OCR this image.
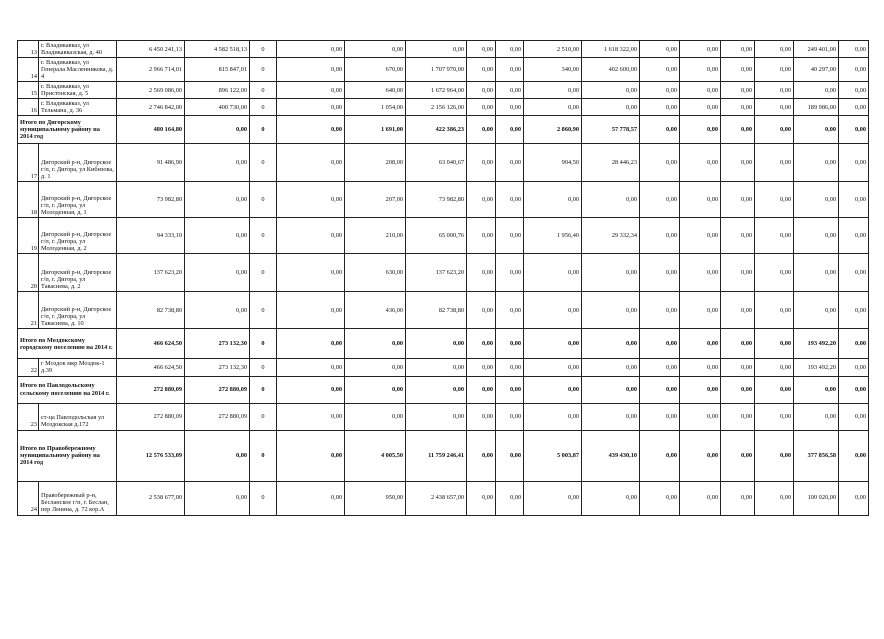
13	г. Владикавказ, ул Владикавказская, д. 40	6 450 241,13	4 582 518,13	0	0,00	0,00	0,00	0,00	0,00	2 510,00	1 618 322,00	0,00	0,00	0,00	0,00	249 401,00	0,00
14	г. Владикавказ, ул Генерала Масленникова, д. 4	2 966 714,01	815 847,01	0	0,00	670,00	1 707 970,00	0,00	0,00	340,00	402 600,00	0,00	0,00	0,00	0,00	40 297,00	0,00
15	г. Владикавказ, ул Пристонская, д. 5	2 569 086,00	896 122,00	0	0,00	640,00	1 672 964,00	0,00	0,00	0,00	0,00	0,00	0,00	0,00	0,00	0,00	0,00
16	г. Владикавказ, ул Тельмана, д. 36	2 746 842,00	400 730,00	0	0,00	1 054,00	2 156 126,00	0,00	0,00	0,00	0,00	0,00	0,00	0,00	0,00	189 986,00	0,00
Итого по Дигорскому муниципальному району на 2014 год		480 164,80	0,00	0	0,00	1 691,00	422 386,23	0,00	0,00	2 860,90	57 778,57	0,00	0,00	0,00	0,00	0,00	0,00
17	Дигорский р-н, Дигорское г/п, г. Дигора, ул Кибизова, д. 1	91 486,90	0,00	0	0,00	208,00	63 040,67	0,00	0,00	904,50	28 446,23	0,00	0,00	0,00	0,00	0,00	0,00
18	Дигорский р-н, Дигорское г/п, г. Дигора, ул Молоденная, д. 1	73 982,80	0,00	0	0,00	207,00	73 982,80	0,00	0,00	0,00	0,00	0,00	0,00	0,00	0,00	0,00	0,00
19	Дигорский р-н, Дигорское г/п, г. Дигора, ул Молоденная, д. 2	94 333,10	0,00	0	0,00	210,00	65 000,76	0,00	0,00	1 956,40	29 332,34	0,00	0,00	0,00	0,00	0,00	0,00
20	Дигорский р-н, Дигорское г/п, г. Дигора, ул Тавасиева, д. 2	137 623,20	0,00	0	0,00	630,00	137 623,20	0,00	0,00	0,00	0,00	0,00	0,00	0,00	0,00	0,00	0,00
21	Дигорский р-н, Дигорское г/п, г. Дигора, ул Тавасиева, д. 10	82 738,80	0,00	0	0,00	436,00	82 738,80	0,00	0,00	0,00	0,00	0,00	0,00	0,00	0,00	0,00	0,00
Итого по Моздокскому городскому поселению на 2014 г.		466 624,50	273 132,30	0	0,00	0,00	0,00	0,00	0,00	0,00	0,00	0,00	0,00	0,00	0,00	193 492,20	0,00
22	г Моздок мкр Моздок-1 д.39	466 624,50	273 132,30	0	0,00	0,00	0,00	0,00	0,00	0,00	0,00	0,00	0,00	0,00	0,00	193 492,20	0,00
Итого по Павлодольскому сельскому поселению на 2014 г.		272 880,09	272 880,09	0	0,00	0,00	0,00	0,00	0,00	0,00	0,00	0,00	0,00	0,00	0,00	0,00	0,00
23	ст-ца Павлодольская ул Моздокская д.172	272 880,09	272 880,09	0	0,00	0,00	0,00	0,00	0,00	0,00	0,00	0,00	0,00	0,00	0,00	0,00	0,00
Итого по Правобережному муниципальному району на 2014 год		12 576 533,09	0,00	0	0,00	4 005,50	11 759 246,41	0,00	0,00	5 003,87	439 430,10	0,00	0,00	0,00	0,00	377 856,58	0,00
24	Правобережный р-н, Бесланское г/п, г. Беслан, пер Ленина, д. 72 кор.А	2 538 677,00	0,00	0	0,00	950,00	2 438 657,00	0,00	0,00	0,00	0,00	0,00	0,00	0,00	0,00	100 020,00	0,00
